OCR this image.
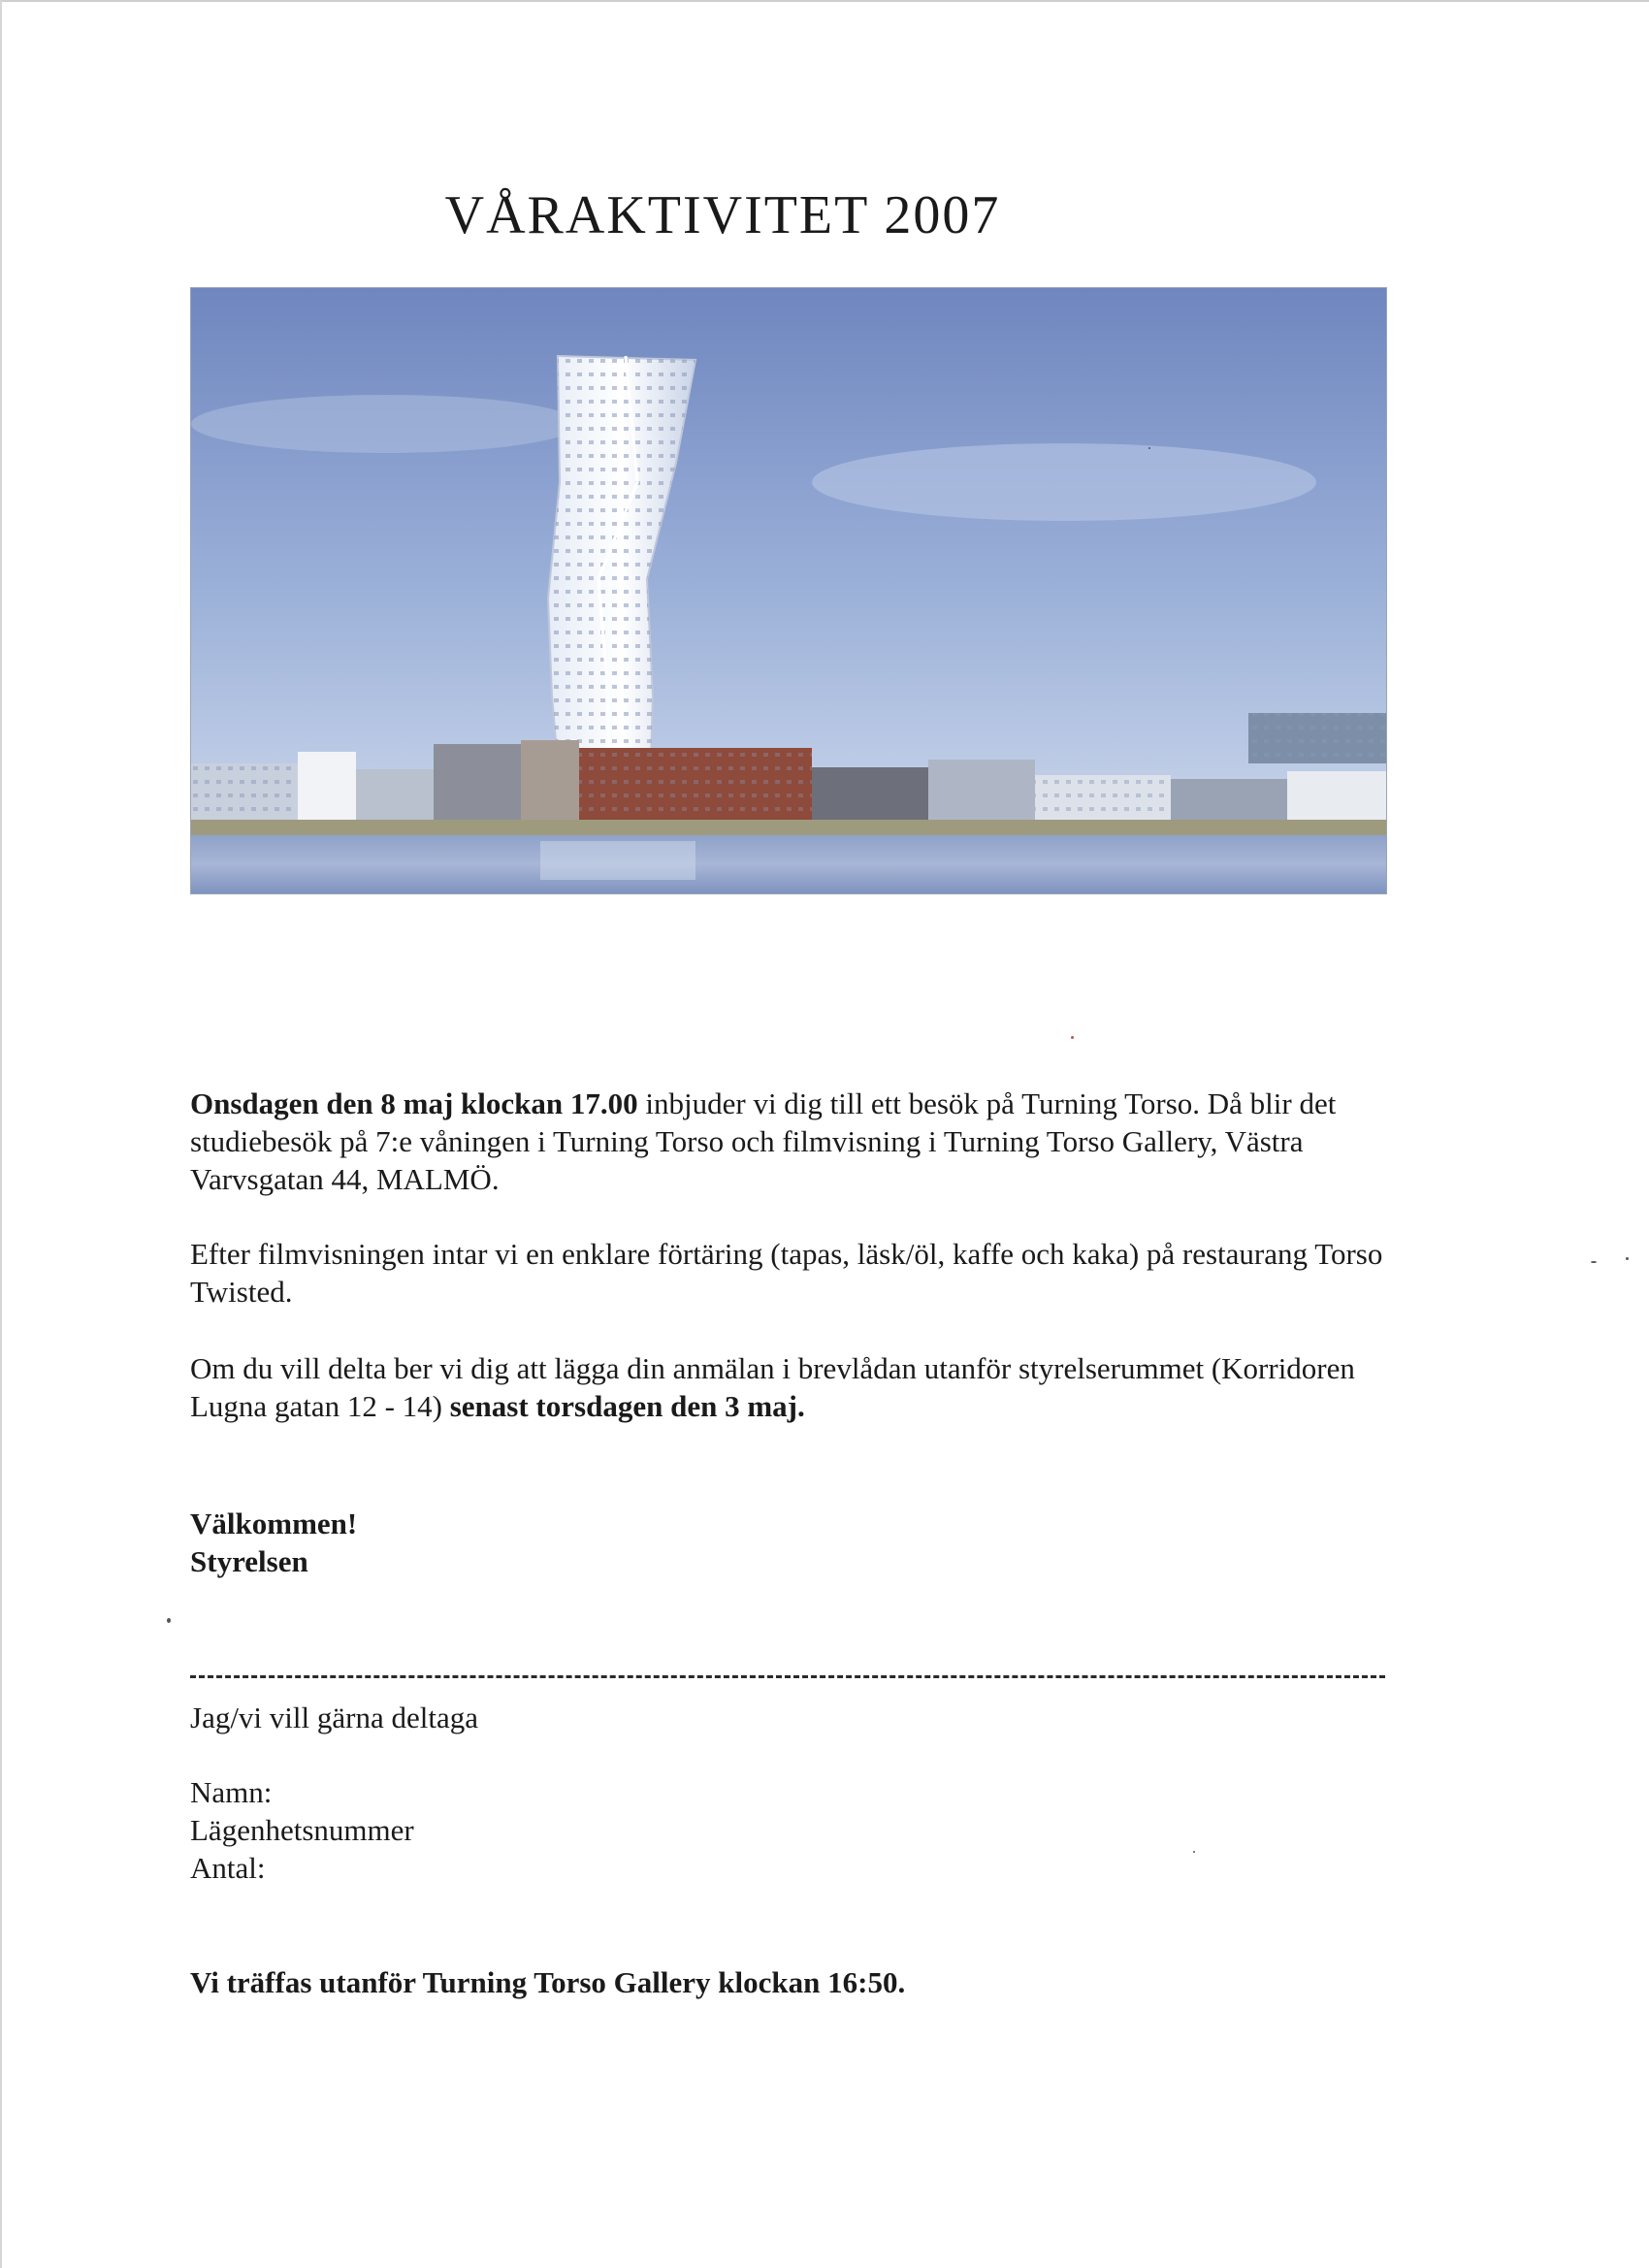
VÅRAKTIVITET 2007

Onsdagen den 8 maj klockan 17.00 inbjuder vi dig till ett besök på Turning Torso. Då blir det studiebesök på 7:e våningen i Turning Torso och filmvisning i Turning Torso Gallery, Västra Varvsgatan 44, MALMÖ.

Efter filmvisningen intar vi en enklare förtäring (tapas, läsk/öl, kaffe och kaka) på restaurang Torso Twisted.

Om du vill delta ber vi dig att lägga din anmälan i brevlådan utanför styrelserummet (Korridoren Lugna gatan 12 - 14) senast torsdagen den 3 maj.

Välkommen!
Styrelsen

Jag/vi vill gärna deltaga

Namn:
Lägenhetsnummer
Antal:

Vi träffas utanför Turning Torso Gallery klockan 16:50.
